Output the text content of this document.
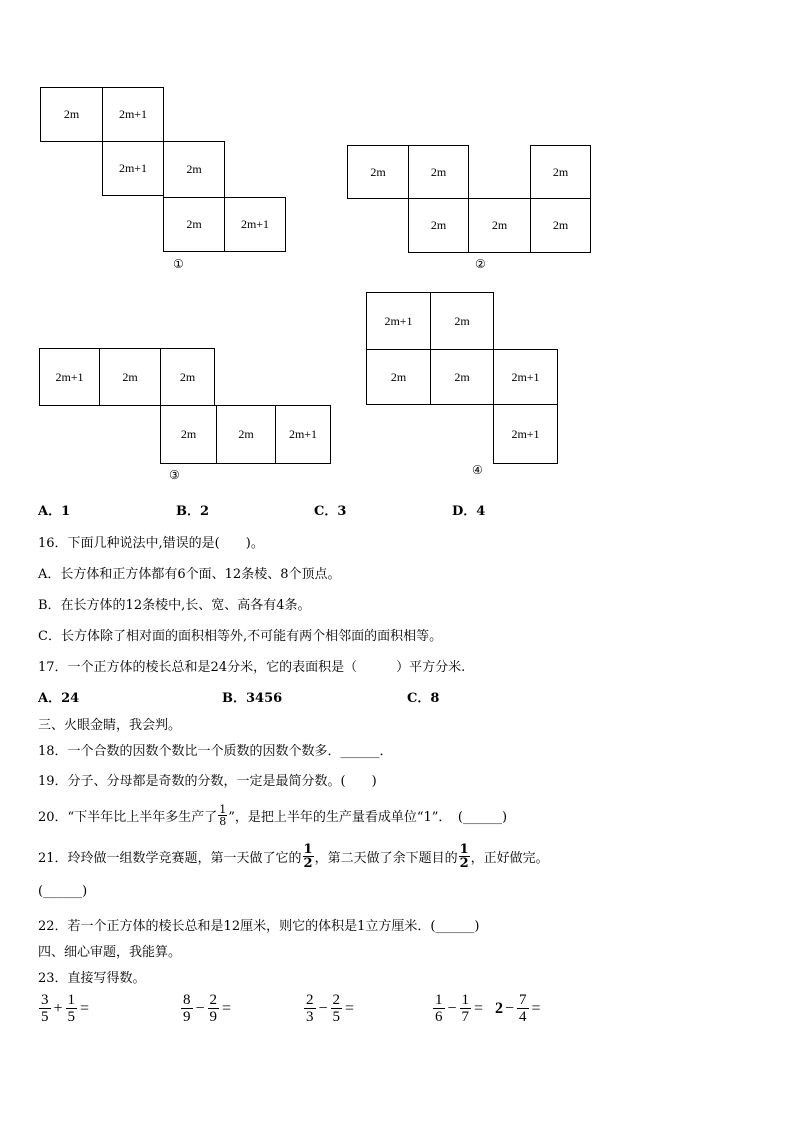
2m	2m+1
2m+1	2m
2m	2m+1
①
2m	2m	2m
2m	2m	2m
②
2m+1	2m	2m
2m	2m	2m+1
③
2m+1	2m
2m	2m	2m+1
2m+1
④
A．1	B．2	C．3	D．4
16．下面几种说法中,错误的是(　　)。
A．长方体和正方体都有6个面、12条棱、8个顶点。
B．在长方体的12条棱中,长、宽、高各有4条。
C．长方体除了相对面的面积相等外,不可能有两个相邻面的面积相等。
17．一个正方体的棱长总和是24分米，它的表面积是（　　　）平方分米.
A．24	B．3456	C．8
三、火眼金睛，我会判。
18．一个合数的因数个数比一个质数的因数个数多．______．
19．分子、分母都是奇数的分数，一定是最简分数。(　　)
20．“下半年比上半年多生产了 $\frac{1}{8}$ ”，是把上半年的生产量看成单位“1”．　(______)
21．玲玲做一组数学竞赛题，第一天做了它的 $\frac{1}{2}$ ，第二天做了余下题目的 $\frac{1}{2}$ ，正好做完。
(______)
22．若一个正方体的棱长总和是12厘米，则它的体积是1立方厘米．(______)
四、细心审题，我能算。
23．直接写得数。
$\frac{3}{5} + \frac{1}{5}$ =	$\frac{8}{9} - \frac{2}{9}$ =	$\frac{2}{3} - \frac{2}{5}$ =	$\frac{1}{6} - \frac{1}{7} = 2 - \frac{7}{4}$ =
